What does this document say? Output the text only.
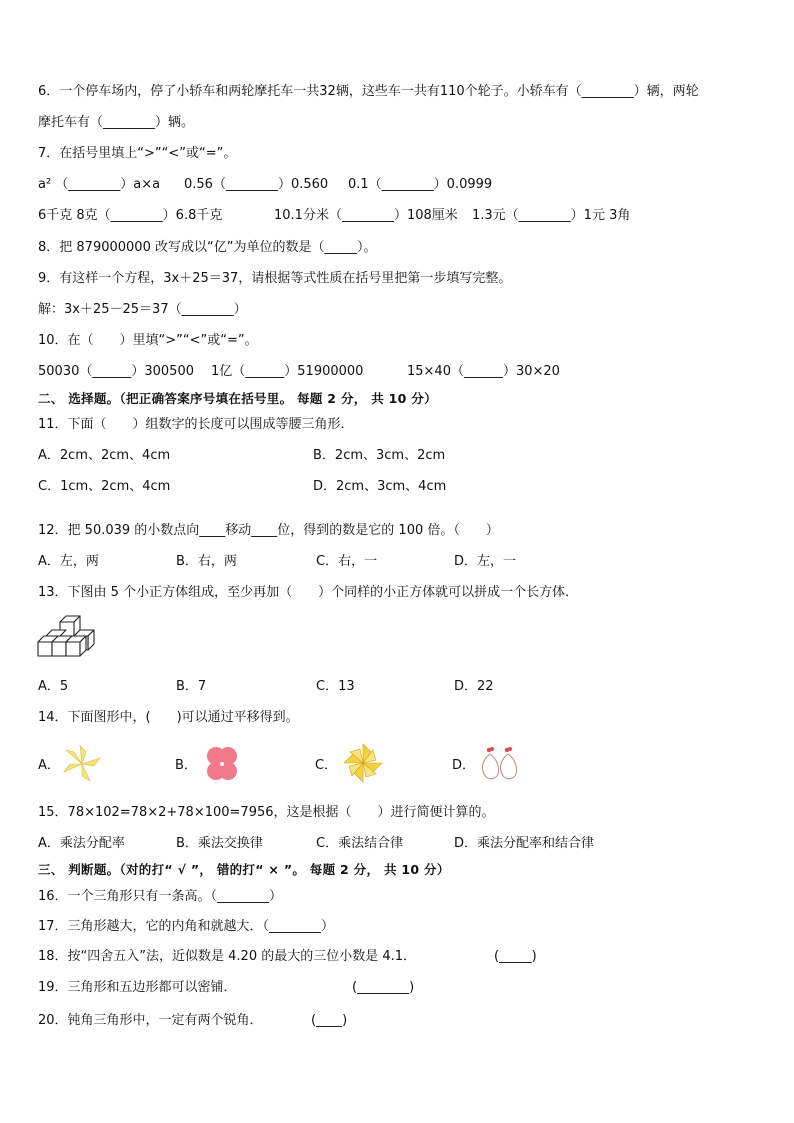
6．一个停车场内，停了小轿车和两轮摩托车一共32辆，这些车一共有110个轮子。小轿车有（________）辆，两轮
摩托车有（________）辆。
7．在括号里填上“>”“<”或“=”。
a² （________）a×a	0.56（________）0.560	0.1（________）0.0999
6千克 8克（________）6.8千克	10.1分米（________）108厘米	1.3元（________）1元 3角
8．把 879000000 改写成以“亿”为单位的数是（_____）。
9．有这样一个方程，3x＋25＝37，请根据等式性质在括号里把第一步填写完整。
解：3x＋25－25＝37（________）
10．在（　　）里填“>”“<”或“=”。
50030（______）300500	1亿（______）51900000	15×40（______）30×20
二、 选择题。（把正确答案序号填在括号里。 每题 2 分， 共 10 分）
11．下面（　　）组数字的长度可以围成等腰三角形．
A．2cm、2cm、4cm	B．2cm、3cm、2cm
C．1cm、2cm、4cm	D．2cm、3cm、4cm
12．把 50.039 的小数点向____移动____位，得到的数是它的 100 倍。（　　）
A．左，两	B．右，两	C．右，一	D．左，一
13．下图由 5 个小正方体组成，至少再加（　　）个同样的小正方体就可以拼成一个长方体．
A．5	B．7	C．13	D．22
14．下面图形中，(　　)可以通过平移得到。
A．	B．	C．	D．
15．78×102=78×2+78×100=7956，这是根据（　　）进行简便计算的。
A．乘法分配率	B．乘法交换律	C．乘法结合律	D．乘法分配率和结合律
三、 判断题。（对的打“ √ ”， 错的打“ × ”。 每题 2 分， 共 10 分）
16．一个三角形只有一条高。（________）
17．三角形越大，它的内角和就越大．（________）
18．按“四舍五入”法，近似数是 4.20 的最大的三位小数是 4.1．	(_____)
19．三角形和五边形都可以密铺．	(________)
20．钝角三角形中，一定有两个锐角．	(____)
